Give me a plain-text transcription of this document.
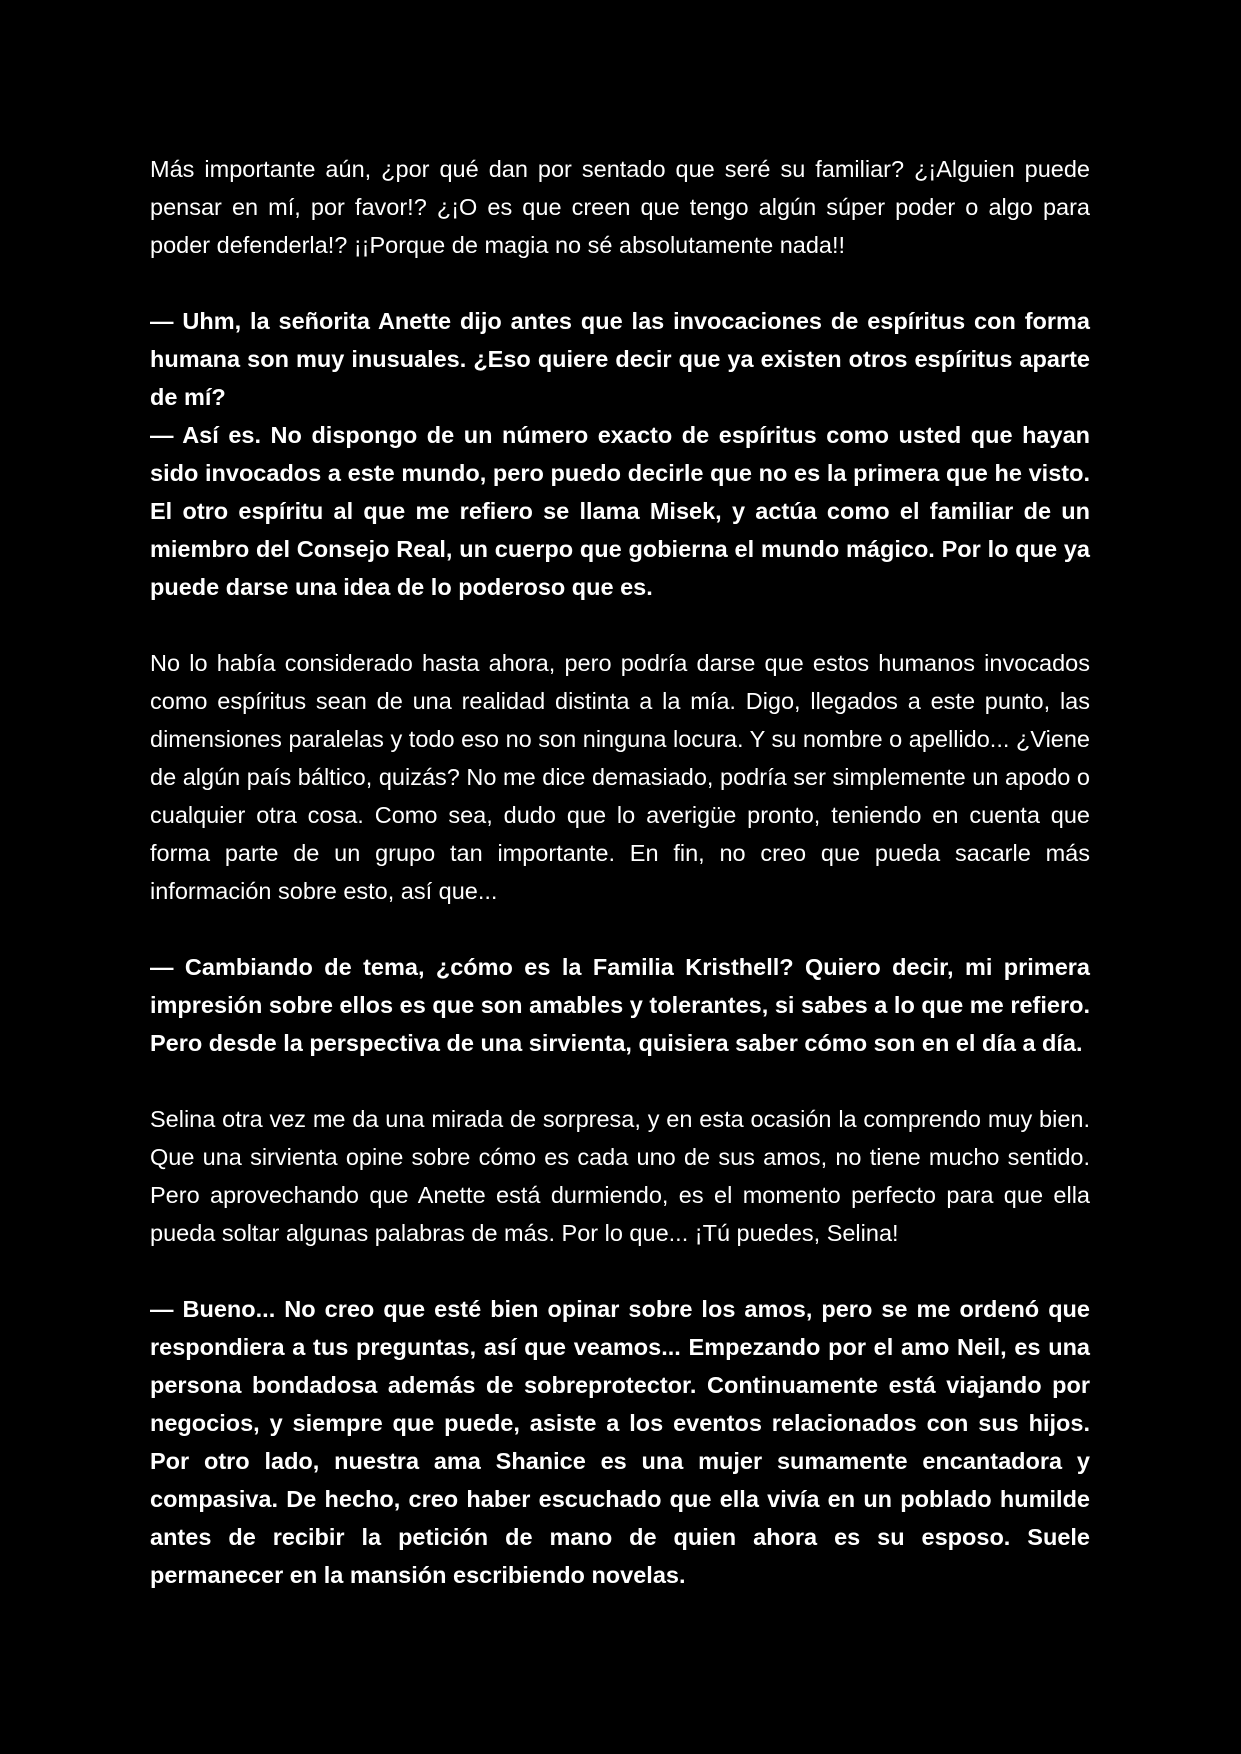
Más importante aún, ¿por qué dan por sentado que seré su familiar? ¿¡Alguien puede pensar en mí, por favor!? ¿¡O es que creen que tengo algún súper poder o algo para poder defenderla!? ¡¡Porque de magia no sé absolutamente nada!!

— Uhm, la señorita Anette dijo antes que las invocaciones de espíritus con forma humana son muy inusuales. ¿Eso quiere decir que ya existen otros espíritus aparte de mí?
— Así es. No dispongo de un número exacto de espíritus como usted que hayan sido invocados a este mundo, pero puedo decirle que no es la primera que he visto. El otro espíritu al que me refiero se llama Misek, y actúa como el familiar de un miembro del Consejo Real, un cuerpo que gobierna el mundo mágico. Por lo que ya puede darse una idea de lo poderoso que es.

No lo había considerado hasta ahora, pero podría darse que estos humanos invocados como espíritus sean de una realidad distinta a la mía. Digo, llegados a este punto, las dimensiones paralelas y todo eso no son ninguna locura. Y su nombre o apellido... ¿Viene de algún país báltico, quizás? No me dice demasiado, podría ser simplemente un apodo o cualquier otra cosa. Como sea, dudo que lo averigüe pronto, teniendo en cuenta que forma parte de un grupo tan importante. En fin, no creo que pueda sacarle más información sobre esto, así que...

— Cambiando de tema, ¿cómo es la Familia Kristhell? Quiero decir, mi primera impresión sobre ellos es que son amables y tolerantes, si sabes a lo que me refiero. Pero desde la perspectiva de una sirvienta, quisiera saber cómo son en el día a día.

Selina otra vez me da una mirada de sorpresa, y en esta ocasión la comprendo muy bien. Que una sirvienta opine sobre cómo es cada uno de sus amos, no tiene mucho sentido. Pero aprovechando que Anette está durmiendo, es el momento perfecto para que ella pueda soltar algunas palabras de más. Por lo que... ¡Tú puedes, Selina!

— Bueno... No creo que esté bien opinar sobre los amos, pero se me ordenó que respondiera a tus preguntas, así que veamos... Empezando por el amo Neil, es una persona bondadosa además de sobreprotector. Continuamente está viajando por negocios, y siempre que puede, asiste a los eventos relacionados con sus hijos. Por otro lado, nuestra ama Shanice es una mujer sumamente encantadora y compasiva. De hecho, creo haber escuchado que ella vivía en un poblado humilde antes de recibir la petición de mano de quien ahora es su esposo. Suele permanecer en la mansión escribiendo novelas.
